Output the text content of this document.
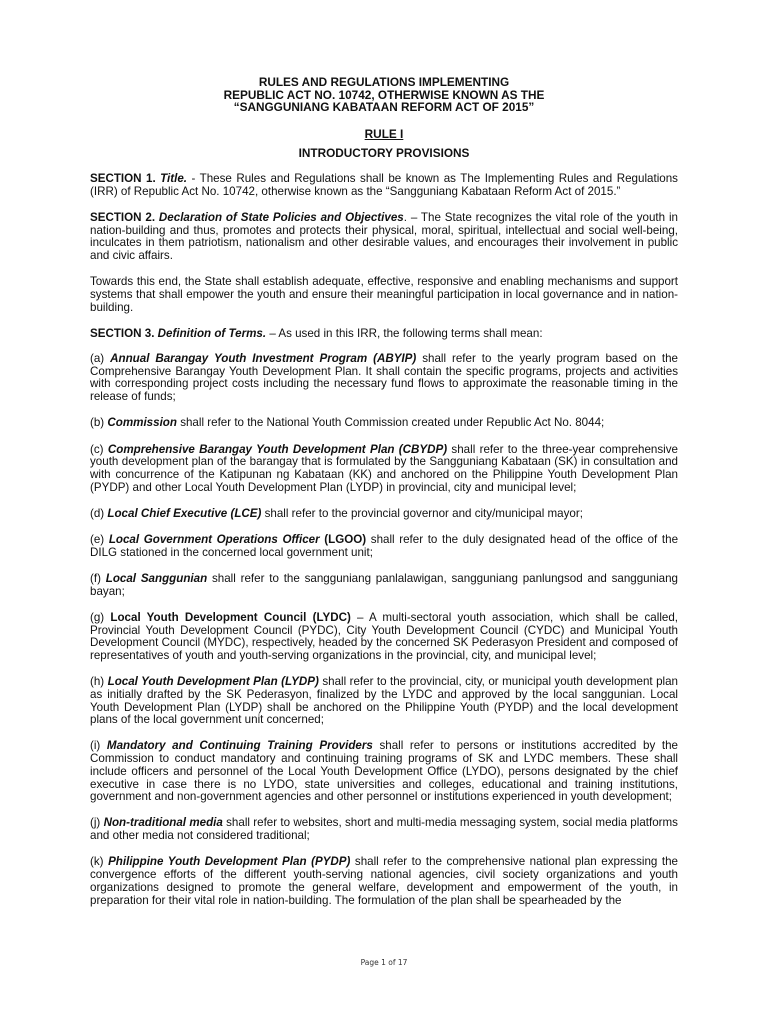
RULES AND REGULATIONS IMPLEMENTING
REPUBLIC ACT NO. 10742, OTHERWISE KNOWN AS THE
“SANGGUNIANG KABATAAN REFORM ACT OF 2015”
RULE I
INTRODUCTORY PROVISIONS

SECTION 1. Title. - These Rules and Regulations shall be known as The Implementing Rules and Regulations (IRR) of Republic Act No. 10742, otherwise known as the “Sangguniang Kabataan Reform Act of 2015.”

SECTION 2. Declaration of State Policies and Objectives. – The State recognizes the vital role of the youth in nation-building and thus, promotes and protects their physical, moral, spiritual, intellectual and social well-being, inculcates in them patriotism, nationalism and other desirable values, and encourages their involvement in public and civic affairs.

Towards this end, the State shall establish adequate, effective, responsive and enabling mechanisms and support systems that shall empower the youth and ensure their meaningful participation in local governance and in nation-building.

SECTION 3. Definition of Terms. – As used in this IRR, the following terms shall mean:

(a) Annual Barangay Youth Investment Program (ABYIP) shall refer to the yearly program based on the Comprehensive Barangay Youth Development Plan. It shall contain the specific programs, projects and activities with corresponding project costs including the necessary fund flows to approximate the reasonable timing in the release of funds;

(b) Commission shall refer to the National Youth Commission created under Republic Act No. 8044;

(c) Comprehensive Barangay Youth Development Plan (CBYDP) shall refer to the three-year comprehensive youth development plan of the barangay that is formulated by the Sangguniang Kabataan (SK) in consultation and with concurrence of the Katipunan ng Kabataan (KK) and anchored on the Philippine Youth Development Plan (PYDP) and other Local Youth Development Plan (LYDP) in provincial, city and municipal level;

(d) Local Chief Executive (LCE) shall refer to the provincial governor and city/municipal mayor;

(e) Local Government Operations Officer (LGOO) shall refer to the duly designated head of the office of the DILG stationed in the concerned local government unit;

(f) Local Sanggunian shall refer to the sangguniang panlalawigan, sangguniang panlungsod and sangguniang bayan;

(g) Local Youth Development Council (LYDC) – A multi-sectoral youth association, which shall be called, Provincial Youth Development Council (PYDC), City Youth Development Council (CYDC) and Municipal Youth Development Council (MYDC), respectively, headed by the concerned SK Pederasyon President and composed of representatives of youth and youth-serving organizations in the provincial, city, and municipal level;

(h) Local Youth Development Plan (LYDP) shall refer to the provincial, city, or municipal youth development plan as initially drafted by the SK Pederasyon, finalized by the LYDC and approved by the local sanggunian. Local Youth Development Plan (LYDP) shall be anchored on the Philippine Youth (PYDP) and the local development plans of the local government unit concerned;

(i) Mandatory and Continuing Training Providers shall refer to persons or institutions accredited by the Commission to conduct mandatory and continuing training programs of SK and LYDC members. These shall include officers and personnel of the Local Youth Development Office (LYDO), persons designated by the chief executive in case there is no LYDO, state universities and colleges, educational and training institutions, government and non-government agencies and other personnel or institutions experienced in youth development;

(j) Non-traditional media shall refer to websites, short and multi-media messaging system, social media platforms and other media not considered traditional;

(k) Philippine Youth Development Plan (PYDP) shall refer to the comprehensive national plan expressing the convergence efforts of the different youth-serving national agencies, civil society organizations and youth organizations designed to promote the general welfare, development and empowerment of the youth, in preparation for their vital role in nation-building. The formulation of the plan shall be spearheaded by the

Page 1 of 17
